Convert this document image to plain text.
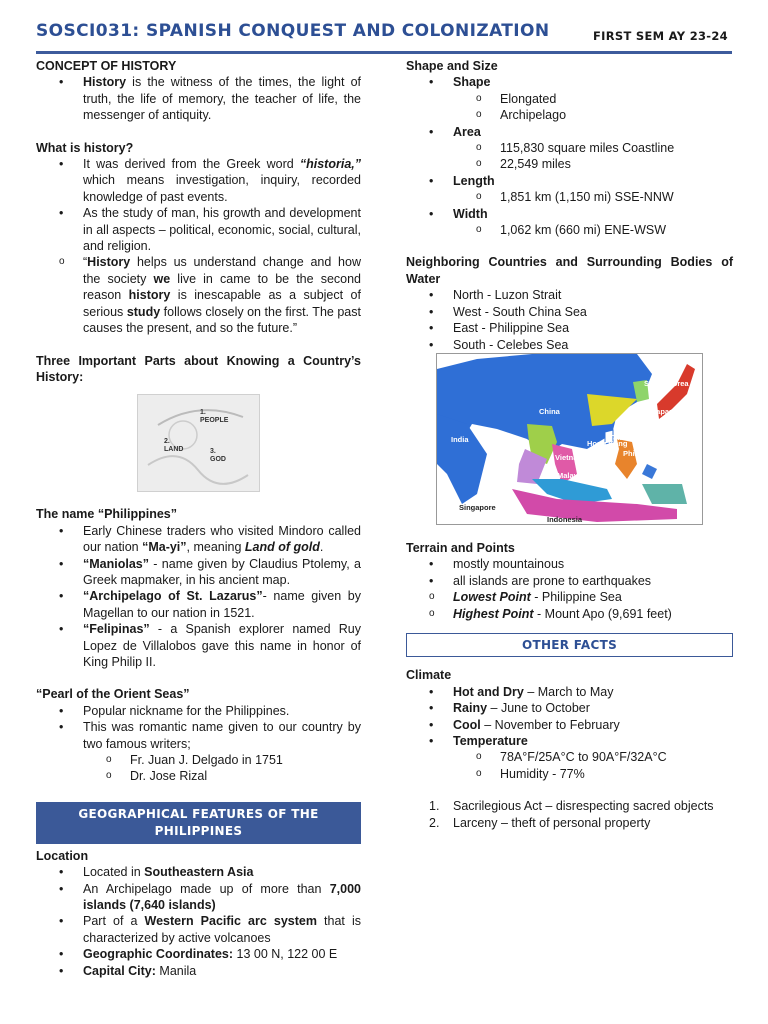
SOSCI031: SPANISH CONQUEST AND COLONIZATION	FIRST SEM AY 23-24

CONCEPT OF HISTORY

• History is the witness of the times, the light of truth, the life of memory, the teacher of life, the messenger of antiquity.

What is history?

• It was derived from the Greek word “historia,” which means investigation, inquiry, recorded knowledge of past events.
• As the study of man, his growth and development in all aspects – political, economic, social, cultural, and religion.
o “History helps us understand change and how the society we live in came to be the second reason history is inescapable as a subject of serious study follows closely on the first. The past causes the present, and so the future.”

Three Important Parts about Knowing a Country’s History:

1.
PEOPLE
2.
LAND	3.
GOD

The name “Philippines”

• Early Chinese traders who visited Mindoro called our nation “Ma-yi”, meaning Land of gold.
• “Maniolas” - name given by Claudius Ptolemy, a Greek mapmaker, in his ancient map.
• “Archipelago of St. Lazarus”- name given by Magellan to our nation in 1521.
• “Felipinas” - a Spanish explorer named Ruy Lopez de Villalobos gave this name in honor of King Philip II.

“Pearl of the Orient Seas”

• Popular nickname for the Philippines.
• This was romantic name given to our country by two famous writers;
o Fr. Juan J. Delgado in 1751
o Dr. Jose Rizal
GEOGRAPHICAL FEATURES OF THE PHILIPPINES

Location

• Located in Southeastern Asia
• An Archipelago made up of more than 7,000 islands (7,640 islands)
• Part of a Western Pacific arc system that is characterized by active volcanoes
• Geographic Coordinates: 13 00 N, 122 00 E
• Capital City: Manila

Shape and Size

• Shape
o Elongated
o Archipelago
• Area
o 115,830 square miles Coastline
o 22,549 miles
• Length
o 1,851 km (1,150 mi) SSE-NNW
• Width
o 1,062 km (660 mi) ENE-WSW

Neighboring Countries and Surrounding Bodies of Water

• North - Luzon Strait
• West - South China Sea
• East - Philippine Sea
• South - Celebes Sea
South Korea
China	Japan
India	Taiwan
Hong Kong
Philippines
Vietnam
Malaysia
Singapore
Indonesia

Terrain and Points

• mostly mountainous
• all islands are prone to earthquakes
o Lowest Point - Philippine Sea
o Highest Point - Mount Apo (9,691 feet)
OTHER FACTS

Climate

• Hot and Dry – March to May
• Rainy – June to October
• Cool – November to February
• Temperature
o 78A°F/25A°C to 90A°F/32A°C
o Humidity - 77%
1. Sacrilegious Act – disrespecting sacred objects
2. Larceny – theft of personal property
